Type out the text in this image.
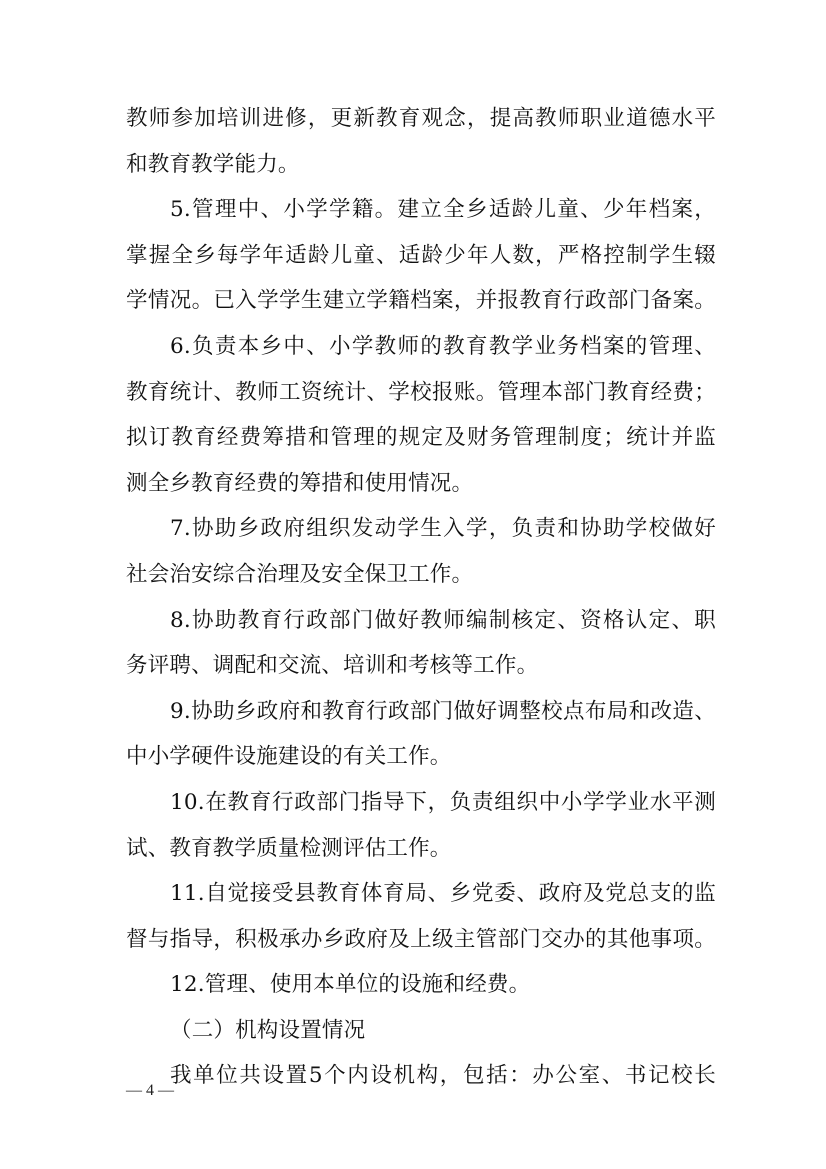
教师参加培训进修，更新教育观念，提高教师职业道德水平
和教育教学能力。
5.管理中、小学学籍。建立全乡适龄儿童、少年档案，
掌握全乡每学年适龄儿童、适龄少年人数，严格控制学生辍
学情况。已入学学生建立学籍档案，并报教育行政部门备案。
6.负责本乡中、小学教师的教育教学业务档案的管理、
教育统计、教师工资统计、学校报账。管理本部门教育经费；
拟订教育经费筹措和管理的规定及财务管理制度；统计并监
测全乡教育经费的筹措和使用情况。
7.协助乡政府组织发动学生入学，负责和协助学校做好
社会治安综合治理及安全保卫工作。
8.协助教育行政部门做好教师编制核定、资格认定、职
务评聘、调配和交流、培训和考核等工作。
9.协助乡政府和教育行政部门做好调整校点布局和改造、
中小学硬件设施建设的有关工作。
10.在教育行政部门指导下，负责组织中小学学业水平测
试、教育教学质量检测评估工作。
11.自觉接受县教育体育局、乡党委、政府及党总支的监
督与指导，积极承办乡政府及上级主管部门交办的其他事项。
12.管理、使用本单位的设施和经费。
（二）机构设置情况
我单位共设置5个内设机构，包括：办公室、书记校长
— 4 —
